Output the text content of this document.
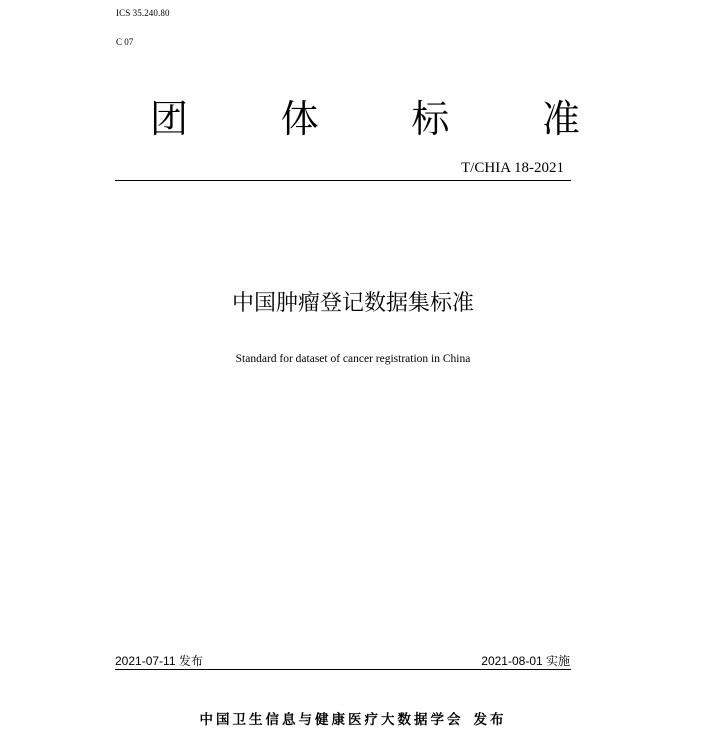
ICS 35.240.80
C 07
团 体 标 准
T/CHIA 18-2021
中国肿瘤登记数据集标准
Standard for dataset of cancer registration in China
2021-07-11 发布	2021-08-01 实施
中国卫生信息与健康医疗大数据学会 发布
